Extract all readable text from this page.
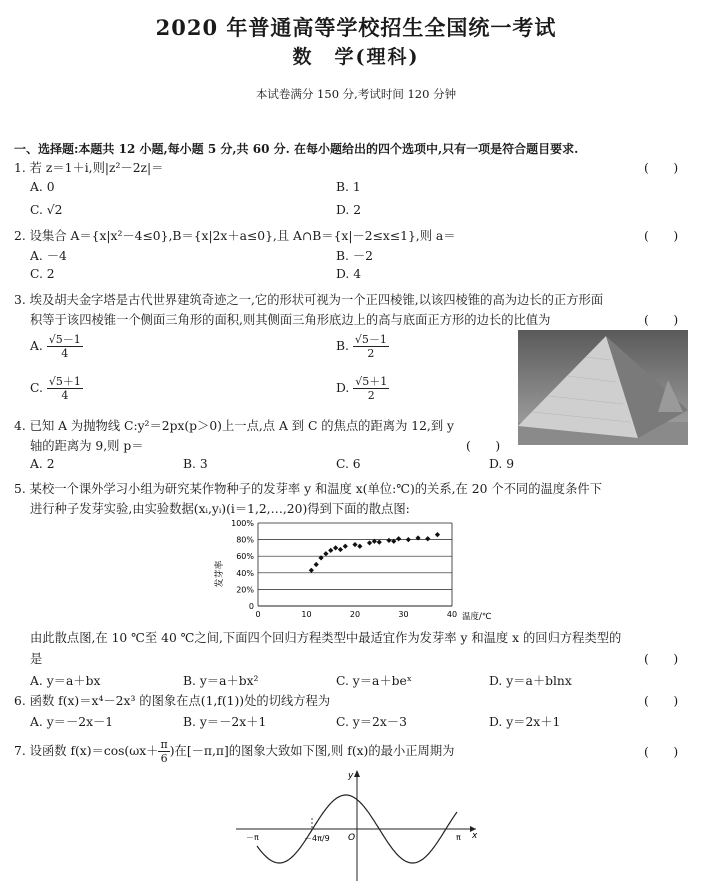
2020 年普通高等学校招生全国统一考试
数　学(理科)
本试卷满分 150 分,考试时间 120 分钟
一、选择题:本题共 12 小题,每小题 5 分,共 60 分. 在每小题给出的四个选项中,只有一项是符合题目要求.
1. 若 z＝1＋i,则|z²－2z|＝	(　　)
A. 0	B. 1
C. √2	D. 2
2. 设集合 A＝{x|x²－4≤0},B＝{x|2x＋a≤0},且 A∩B＝{x|－2≤x≤1},则 a＝	(　　)
A. －4	B. －2
C. 2	D. 4
3. 埃及胡夫金字塔是古代世界建筑奇迹之一,它的形状可视为一个正四棱锥,以该四棱锥的高为边长的正方形面
积等于该四棱锥一个侧面三角形的面积,则其侧面三角形底边上的高与底面正方形的边长的比值为	(　　)
A. $\frac{√5-1}{4}$	B. $\frac{√5-1}{2}$
C. $\frac{√5+1}{4}$	D. $\frac{√5+1}{2}$
4. 已知 A 为抛物线 C:y²＝2px(p＞0)上一点,点 A 到 C 的焦点的距离为 12,到 y
轴的距离为 9,则 p＝	(　　)
A. 2	B. 3	C. 6	D. 9
5. 某校一个课外学习小组为研究某作物种子的发芽率 y 和温度 x(单位:℃)的关系,在 20 个不同的温度条件下
进行种子发芽实验,由实验数据(xᵢ,yᵢ)(i＝1,2,…,20)得到下面的散点图:
0
20%
40%
60%
80%
100%
0	10	20	30	40
发芽率
温度/℃
由此散点图,在 10 ℃至 40 ℃之间,下面四个回归方程类型中最适宜作为发芽率 y 和温度 x 的回归方程类型的
是	(　　)
A. y＝a＋bx	B. y＝a＋bx²	C. y＝a＋beˣ	D. y＝a＋blnx
6. 函数 f(x)＝x⁴－2x³ 的图象在点(1,f(1))处的切线方程为	(　　)
A. y＝－2x－1	B. y＝－2x＋1	C. y＝2x－3	D. y＝2x＋1
7. 设函数 $f(x)=\cos(\omega x+ \frac{\pi}{6}$ )在[－π,π]的图象大致如下图,则 f(x)的最小正周期为	(　　)
x
y
－π	－4π/9 O	π
